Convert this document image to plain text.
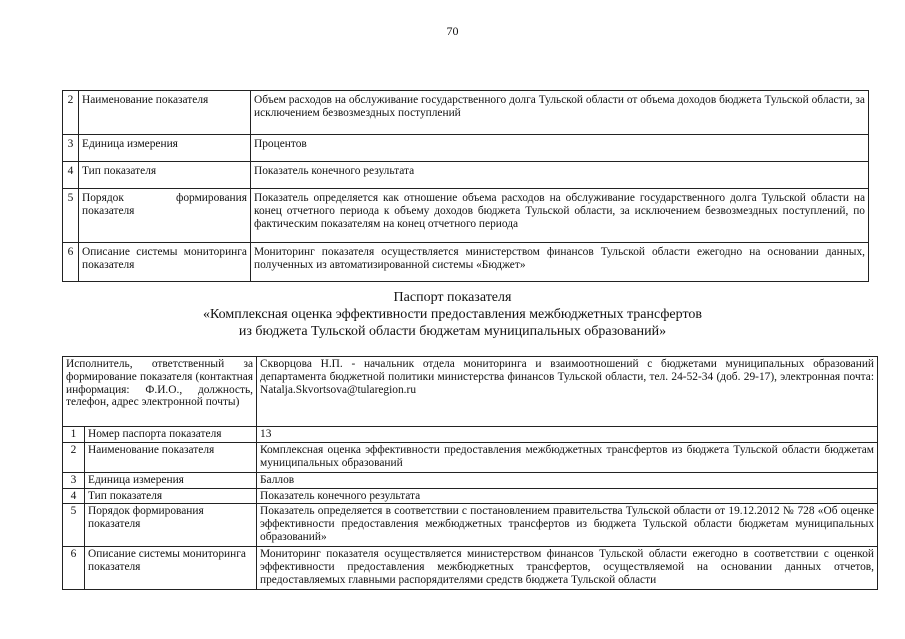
70
2	Наименование показателя	Объем расходов на обслуживание государственного долга Тульской области от объема доходов бюджета Тульской области, за исключением безвозмездных поступлений
3	Единица измерения	Процентов
4	Тип показателя	Показатель конечного результата
5	Порядок формирования показателя	Показатель определяется как отношение объема расходов на обслуживание государственного долга Тульской области на конец отчетного периода к объему доходов бюджета Тульской области, за исключением безвозмездных поступлений, по фактическим показателям на конец отчетного периода
6	Описание системы мониторинга показателя	Мониторинг показателя осуществляется министерством финансов Тульской области ежегодно на основании данных, полученных из автоматизированной системы «Бюджет»
Паспорт показателя
«Комплексная оценка эффективности предоставления межбюджетных трансфертов
из бюджета Тульской области бюджетам муниципальных образований»
Исполнитель, ответственный за формирование показателя (контактная информация: Ф.И.О., должность, телефон, адрес электронной почты)		Скворцова Н.П. - начальник отдела мониторинга и взаимоотношений с бюджетами муниципальных образований департамента бюджетной политики министерства финансов Тульской области, тел. 24-52-34 (доб. 29-17), электронная почта: Natalja.Skvortsova@tularegion.ru
1	Номер паспорта показателя	13
2	Наименование показателя	Комплексная оценка эффективности предоставления межбюджетных трансфертов из бюджета Тульской области бюджетам муниципальных образований
3	Единица измерения	Баллов
4	Тип показателя	Показатель конечного результата
5	Порядок формирования показателя	Показатель определяется в соответствии с постановлением правительства Тульской области от 19.12.2012 № 728 «Об оценке эффективности предоставления межбюджетных трансфертов из бюджета Тульской области бюджетам муниципальных образований»
6	Описание системы мониторинга показателя	Мониторинг показателя осуществляется министерством финансов Тульской области ежегодно в соответствии с оценкой эффективности предоставления межбюджетных трансфертов, осуществляемой на основании данных отчетов, предоставляемых главными распорядителями средств бюджета Тульской области
